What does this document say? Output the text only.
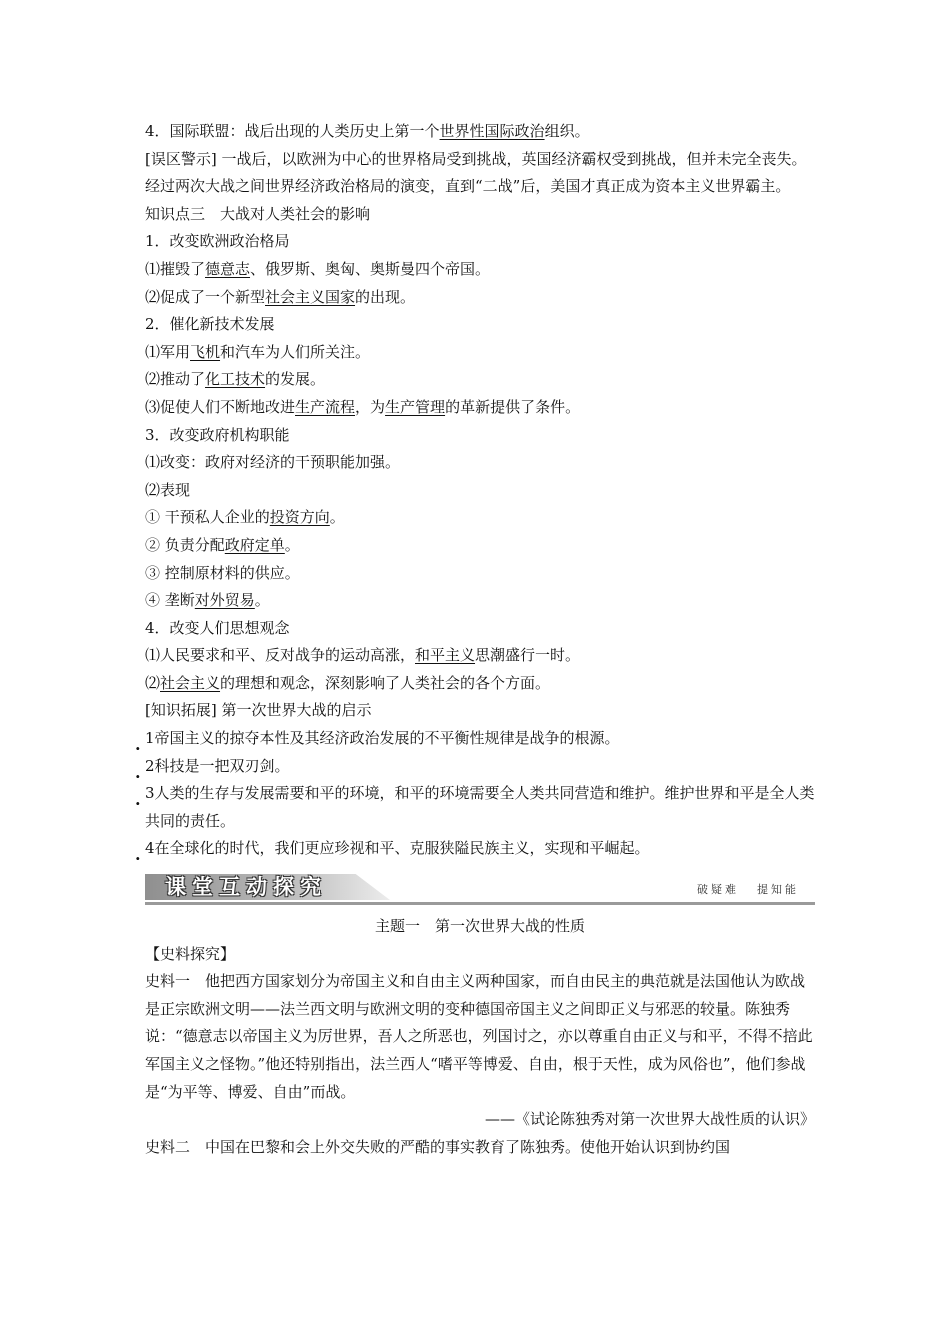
4．国际联盟：战后出现的人类历史上第一个世界性国际政治组织。
[误区警示] 一战后，以欧洲为中心的世界格局受到挑战，英国经济霸权受到挑战，但并未完全丧失。经过两次大战之间世界经济政治格局的演变，直到“二战”后，美国才真正成为资本主义世界霸主。
知识点三　大战对人类社会的影响
1．改变欧洲政治格局
⑴摧毁了德意志、俄罗斯、奥匈、奥斯曼四个帝国。
⑵促成了一个新型社会主义国家的出现。
2．催化新技术发展
⑴军用飞机和汽车为人们所关注。
⑵推动了化工技术的发展。
⑶促使人们不断地改进生产流程，为生产管理的革新提供了条件。
3．改变政府机构职能
⑴改变：政府对经济的干预职能加强。
⑵表现
① 干预私人企业的投资方向。
② 负责分配政府定单。
③ 控制原材料的供应。
④ 垄断对外贸易。
4．改变人们思想观念
⑴人民要求和平、反对战争的运动高涨，和平主义思潮盛行一时。
⑵社会主义的理想和观念，深刻影响了人类社会的各个方面。
[知识拓展] 第一次世界大战的启示
. 1帝国主义的掠夺本性及其经济政治发展的不平衡性规律是战争的根源。
. 2科技是一把双刃剑。
. 3人类的生存与发展需要和平的环境，和平的环境需要全人类共同营造和维护。维护世界和平是全人类共同的责任。
. 4在全球化的时代，我们更应珍视和平、克服狭隘民族主义，实现和平崛起。
课堂互动探究	破疑难 提知能
主题一　第一次世界大战的性质
【史料探究】
史料一　他把西方国家划分为帝国主义和自由主义两种国家，而自由民主的典范就是法国他认为欧战是正宗欧洲文明——法兰西文明与欧洲文明的变种德国帝国主义之间即正义与邪恶的较量。陈独秀说：“德意志以帝国主义为厉世界，吾人之所恶也，列国讨之，亦以尊重自由正义与和平，不得不掊此军国主义之怪物。”他还特别指出，法兰西人“嗜平等博爱、自由，根于天性，成为风俗也”，他们参战是“为平等、博爱、自由”而战。
——《试论陈独秀对第一次世界大战性质的认识》
史料二　中国在巴黎和会上外交失败的严酷的事实教育了陈独秀。使他开始认识到协约国
